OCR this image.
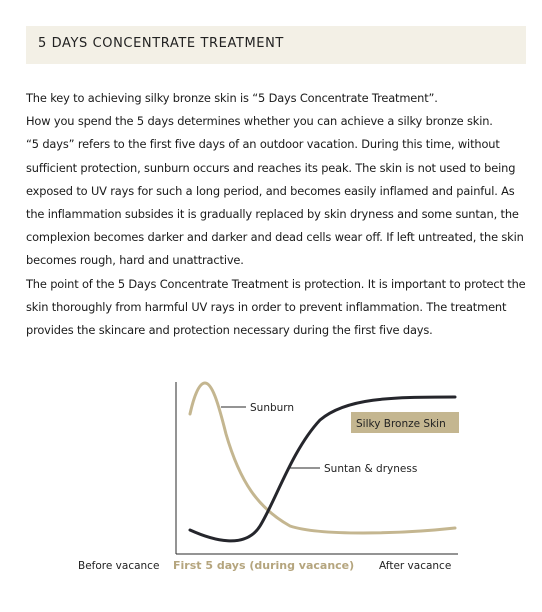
5 DAYS CONCENTRATE TREATMENT

The key to achieving silky bronze skin is “5 Days Concentrate Treatment”.

How you spend the 5 days determines whether you can achieve a silky bronze skin.

“5 days” refers to the first five days of an outdoor vacation. During this time, without sufficient protection, sunburn occurs and reaches its peak. The skin is not used to being exposed to UV rays for such a long period, and becomes easily inflamed and painful. As the inflammation subsides it is gradually replaced by skin dryness and some suntan, the complexion becomes darker and darker and dead cells wear off. If left untreated, the skin becomes rough, hard and unattractive.

The point of the 5 Days Concentrate Treatment is protection. It is important to protect the skin thoroughly from harmful UV rays in order to prevent inflammation. The treatment provides the skincare and protection necessary during the first five days.

Sunburn
Suntan & dryness
Silky Bronze Skin
Before vacance First 5 days (during vacance) After vacance
